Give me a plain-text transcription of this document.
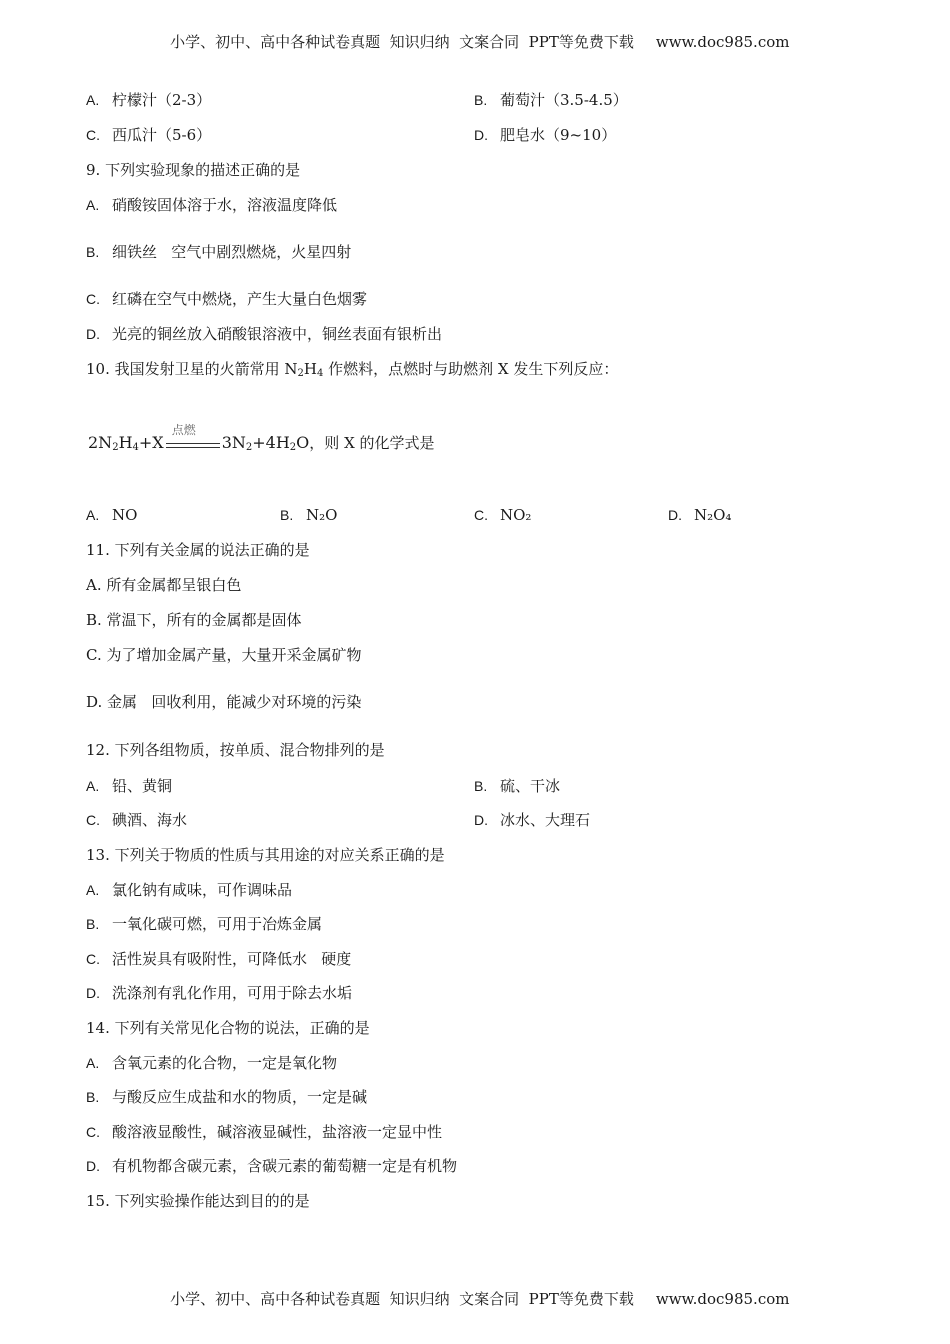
小学、初中、高中各种试卷真题  知识归纳  文案合同  PPT等免费下载 www.doc985.com

A. 柠檬汁（2-3）	B. 葡萄汁（3.5-4.5）
C. 西瓜汁（5-6）	D. 肥皂水（9~10）
9. 下列实验现象的描述正确的是
A. 硝酸铵固体溶于水，溶液温度降低
B. 细铁丝   空气中剧烈燃烧，火星四射
C. 红磷在空气中燃烧，产生大量白色烟雾
D. 光亮的铜丝放入硝酸银溶液中，铜丝表面有银析出
10. 我国发射卫星的火箭常用 $N_2H_4$ 作燃料，点燃时与助燃剂 X 发生下列反应：
$2N_2H_4+X$
点燃
$3N_2+4H_2O$，则 X 的化学式是
A. NO	B. N₂O	C. NO₂	D. N₂O₄
11. 下列有关金属的说法正确的是
A. 所有金属都呈银白色
B. 常温下，所有的金属都是固体
C. 为了增加金属产量，大量开采金属矿物
D. 金属   回收利用，能减少对环境的污染
12. 下列各组物质，按单质、混合物排列的是
A. 铅、黄铜	B. 硫、干冰
C. 碘酒、海水	D. 冰水、大理石
13. 下列关于物质的性质与其用途的对应关系正确的是
A. 氯化钠有咸味，可作调味品
B. 一氧化碳可燃，可用于冶炼金属
C. 活性炭具有吸附性，可降低水   硬度
D. 洗涤剂有乳化作用，可用于除去水垢
14. 下列有关常见化合物的说法，正确的是
A. 含氧元素的化合物，一定是氧化物
B. 与酸反应生成盐和水的物质，一定是碱
C. 酸溶液显酸性，碱溶液显碱性，盐溶液一定显中性
D. 有机物都含碳元素，含碳元素的葡萄糖一定是有机物
15. 下列实验操作能达到目的的是

小学、初中、高中各种试卷真题  知识归纳  文案合同  PPT等免费下载 www.doc985.com
